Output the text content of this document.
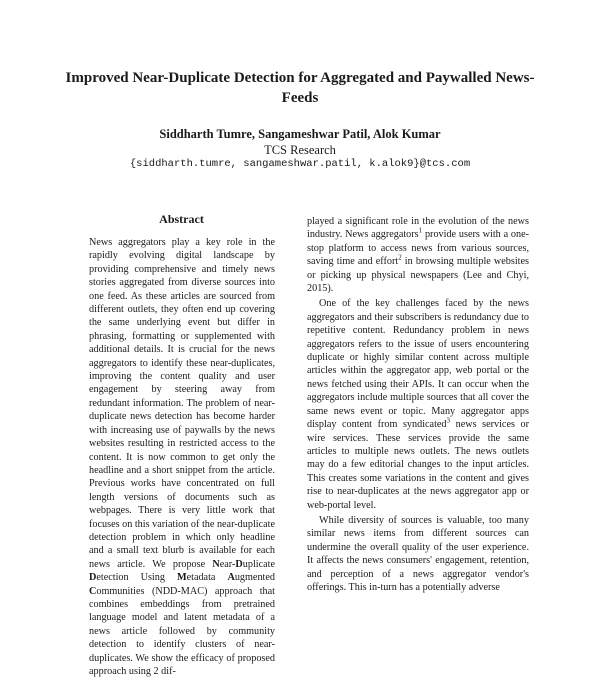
Improved Near-Duplicate Detection for Aggregated and Paywalled News-Feeds
Siddharth Tumre, Sangameshwar Patil, Alok Kumar
TCS Research
{siddharth.tumre, sangameshwar.patil, k.alok9}@tcs.com
Abstract

News aggregators play a key role in the rapidly evolving digital landscape by providing comprehensive and timely news stories aggregated from diverse sources into one feed. As these articles are sourced from different outlets, they often end up covering the same underlying event but differ in phrasing, formatting or supplemented with additional details. It is crucial for the news aggregators to identify these near-duplicates, improving the content quality and user engagement by steering away from redundant information. The problem of near-duplicate news detection has become harder with increasing use of paywalls by the news websites resulting in restricted access to the content. It is now common to get only the headline and a short snippet from the article. Previous works have concentrated on full length versions of documents such as webpages. There is very little work that focuses on this variation of the near-duplicate detection problem in which only headline and a small text blurb is available for each news article. We propose Near-Duplicate Detection Using Metadata Augmented Communities (NDD-MAC) approach that combines embeddings from pretrained language model and latent metadata of a news article followed by community detection to identify clusters of near-duplicates. We show the efficacy of proposed approach using 2 dif-

played a significant role in the evolution of the news industry. News aggregators$^1$ provide users with a one-stop platform to access news from various sources, saving time and effort$^2$ in browsing multiple websites or picking up physical newspapers (Lee and Chyi, 2015).

One of the key challenges faced by the news aggregators and their subscribers is redundancy due to repetitive content. Redundancy problem in news aggregators refers to the issue of users encountering duplicate or highly similar content across multiple articles within the aggregator app, web portal or the news fetched using their APIs. It can occur when the aggregators include multiple sources that all cover the same news event or topic. Many aggregator apps display content from syndicated$^3$ news services or wire services. These services provide the same articles to multiple news outlets. The news outlets may do a few editorial changes to the input articles. This creates some variations in the content and gives rise to near-duplicates at the news aggregator app or web-portal level.

While diversity of sources is valuable, too many similar news items from different sources can undermine the overall quality of the user experience. It affects the news consumers' engagement, retention, and perception of a news aggregator vendor's offerings. This in-turn has a potentially adverse
